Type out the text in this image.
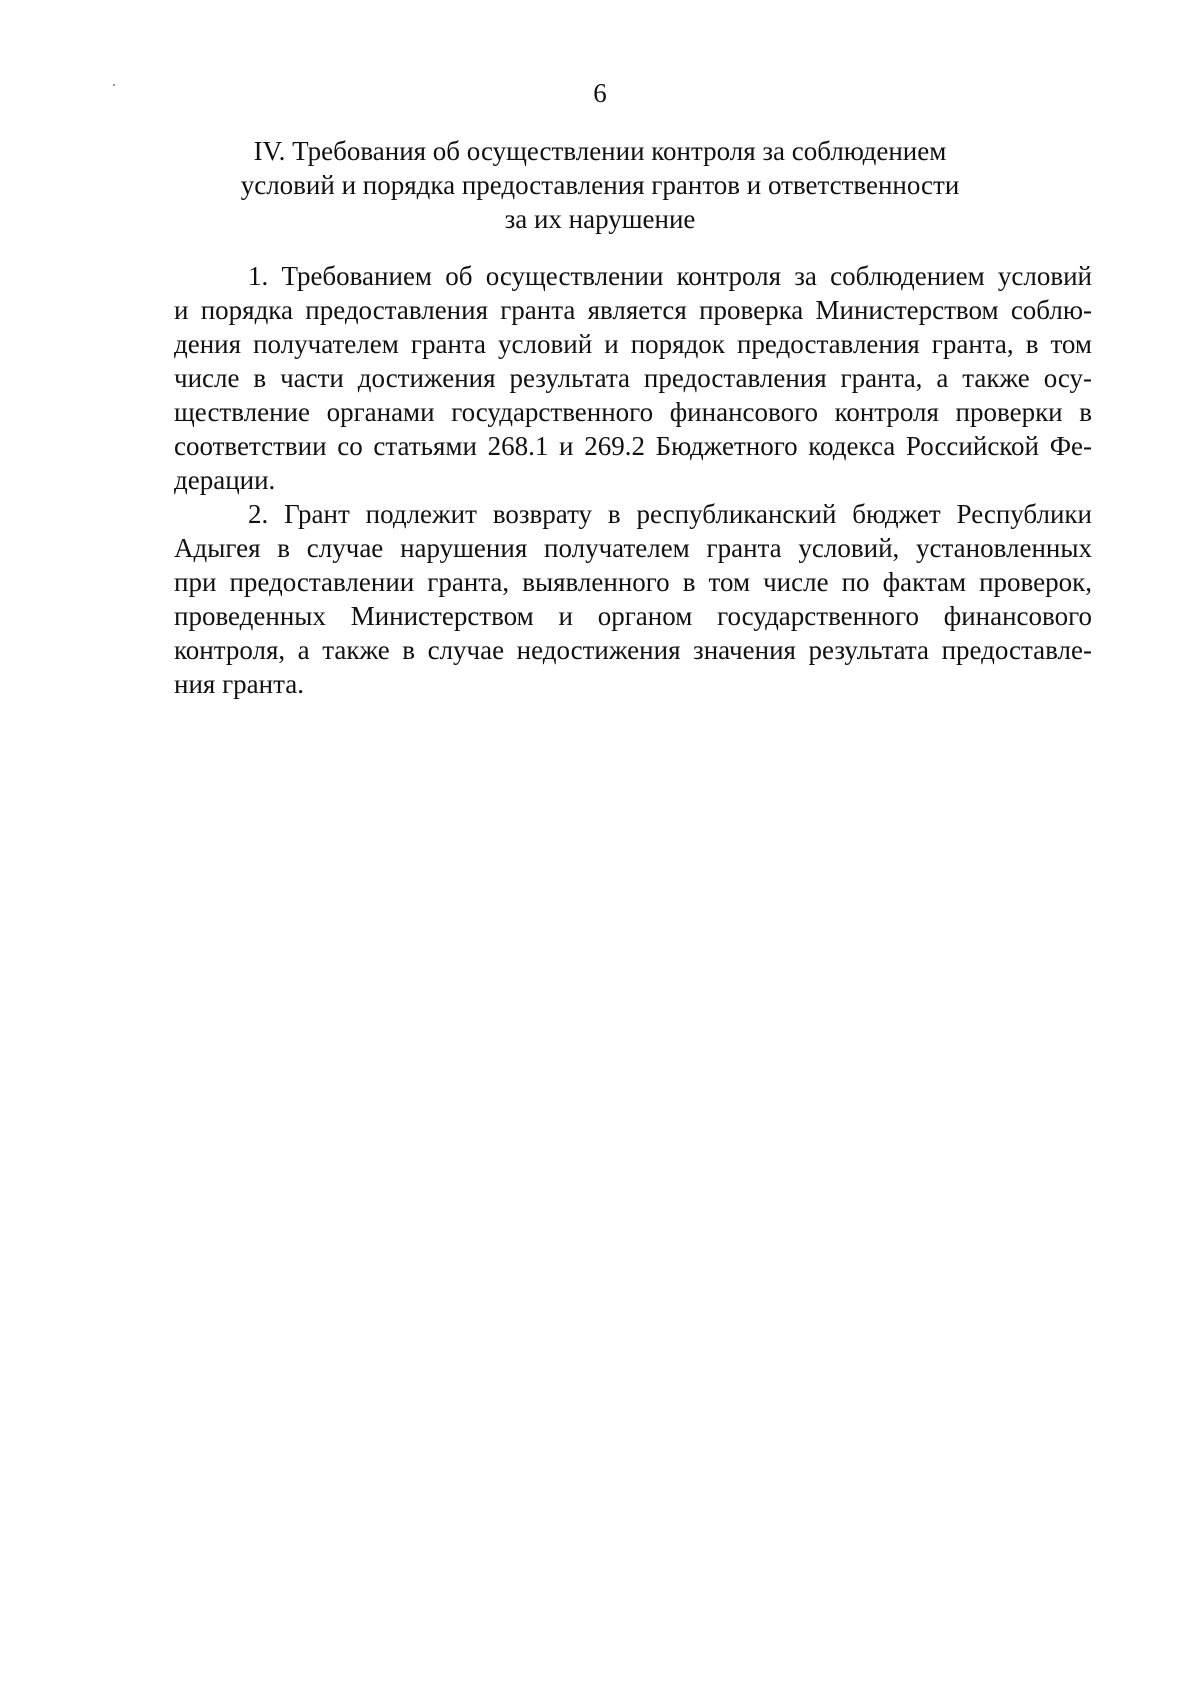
6
IV. Требования об осуществлении контроля за соблюдением
условий и порядка предоставления грантов и ответственности
за их нарушение
1. Требованием об осуществлении контроля за соблюдением условий
и порядка предоставления гранта является проверка Министерством соблю-
дения получателем гранта условий и порядок предоставления гранта, в том
числе в части достижения результата предоставления гранта, а также осу-
ществление органами государственного финансового контроля проверки в
соответствии со статьями 268.1 и 269.2 Бюджетного кодекса Российской Фе-
дерации.
2. Грант подлежит возврату в республиканский бюджет Республики
Адыгея в случае нарушения получателем гранта условий, установленных
при предоставлении гранта, выявленного в том числе по фактам проверок,
проведенных Министерством и органом государственного финансового
контроля, а также в случае недостижения значения результата предоставле-
ния гранта.
